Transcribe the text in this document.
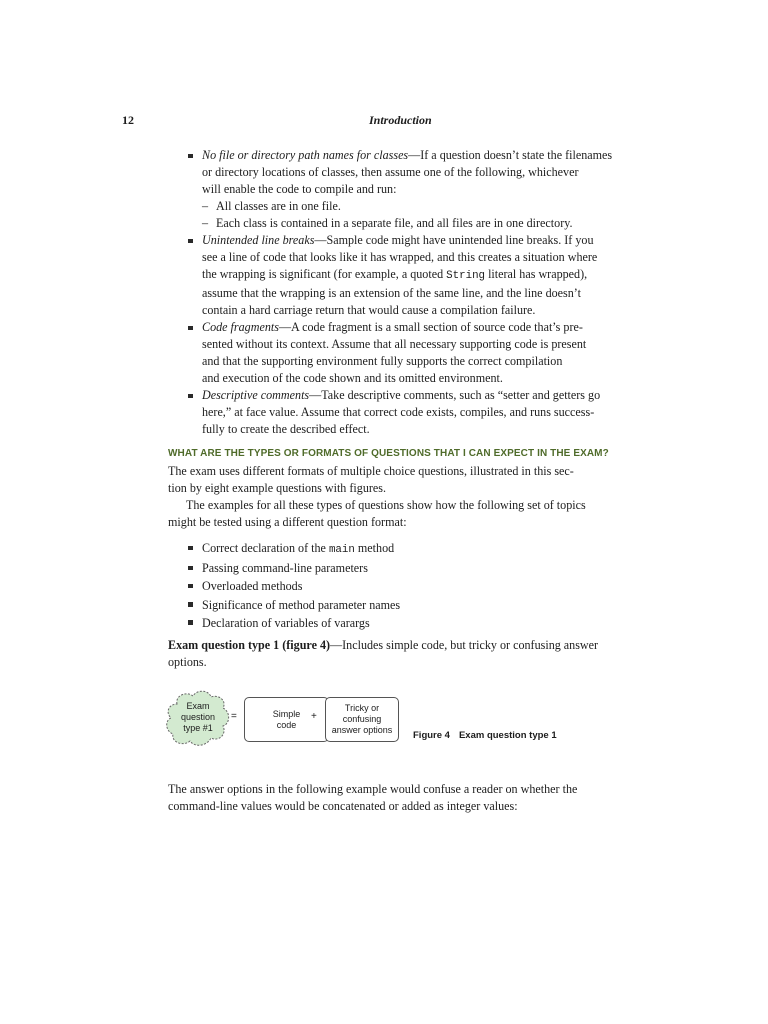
12	Introduction
No file or directory path names for classes—If a question doesn’t state the filenames
or directory locations of classes, then assume one of the following, whichever
will enable the code to compile and run:
– All classes are in one file.
– Each class is contained in a separate file, and all files are in one directory.
Unintended line breaks—Sample code might have unintended line breaks. If you
see a line of code that looks like it has wrapped, and this creates a situation where
the wrapping is significant (for example, a quoted String literal has wrapped),
assume that the wrapping is an extension of the same line, and the line doesn’t
contain a hard carriage return that would cause a compilation failure.
Code fragments—A code fragment is a small section of source code that’s pre-
sented without its context. Assume that all necessary supporting code is present
and that the supporting environment fully supports the correct compilation
and execution of the code shown and its omitted environment.
Descriptive comments—Take descriptive comments, such as “setter and getters go
here,” at face value. Assume that correct code exists, compiles, and runs success-
fully to create the described effect.
WHAT ARE THE TYPES OR FORMATS OF QUESTIONS THAT I CAN EXPECT IN THE EXAM?
The exam uses different formats of multiple choice questions, illustrated in this sec-
tion by eight example questions with figures.
The examples for all these types of questions show how the following set of topics
might be tested using a different question format:
Correct declaration of the main method
Passing command-line parameters
Overloaded methods
Significance of method parameter names
Declaration of variables of varargs
Exam question type 1 (figure 4)—Includes simple code, but tricky or confusing answer
options.
Exam
question
type #1
=	Simple
code
+
Tricky or
confusing
answer options Figure 4 Exam question type 1
The answer options in the following example would confuse a reader on whether the
command-line values would be concatenated or added as integer values:
